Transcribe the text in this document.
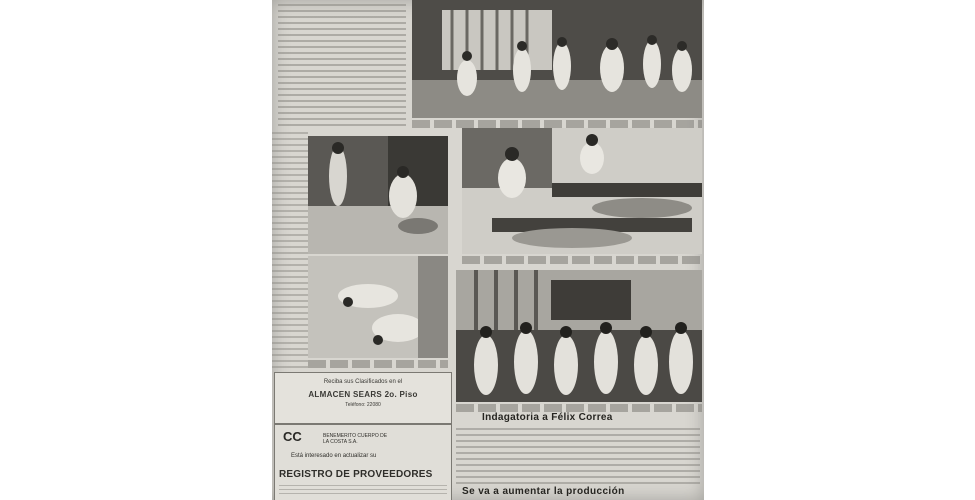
Reciba sus Clasificados en el
ALMACEN SEARS 2o. Piso
Teléfono: 22080
CC	BENEMERITO CUERPO DE LA COSTA S.A.
Está interesado en actualizar su
REGISTRO DE PROVEEDORES
Indagatoria a Félix Correa
Se va a aumentar la producción
